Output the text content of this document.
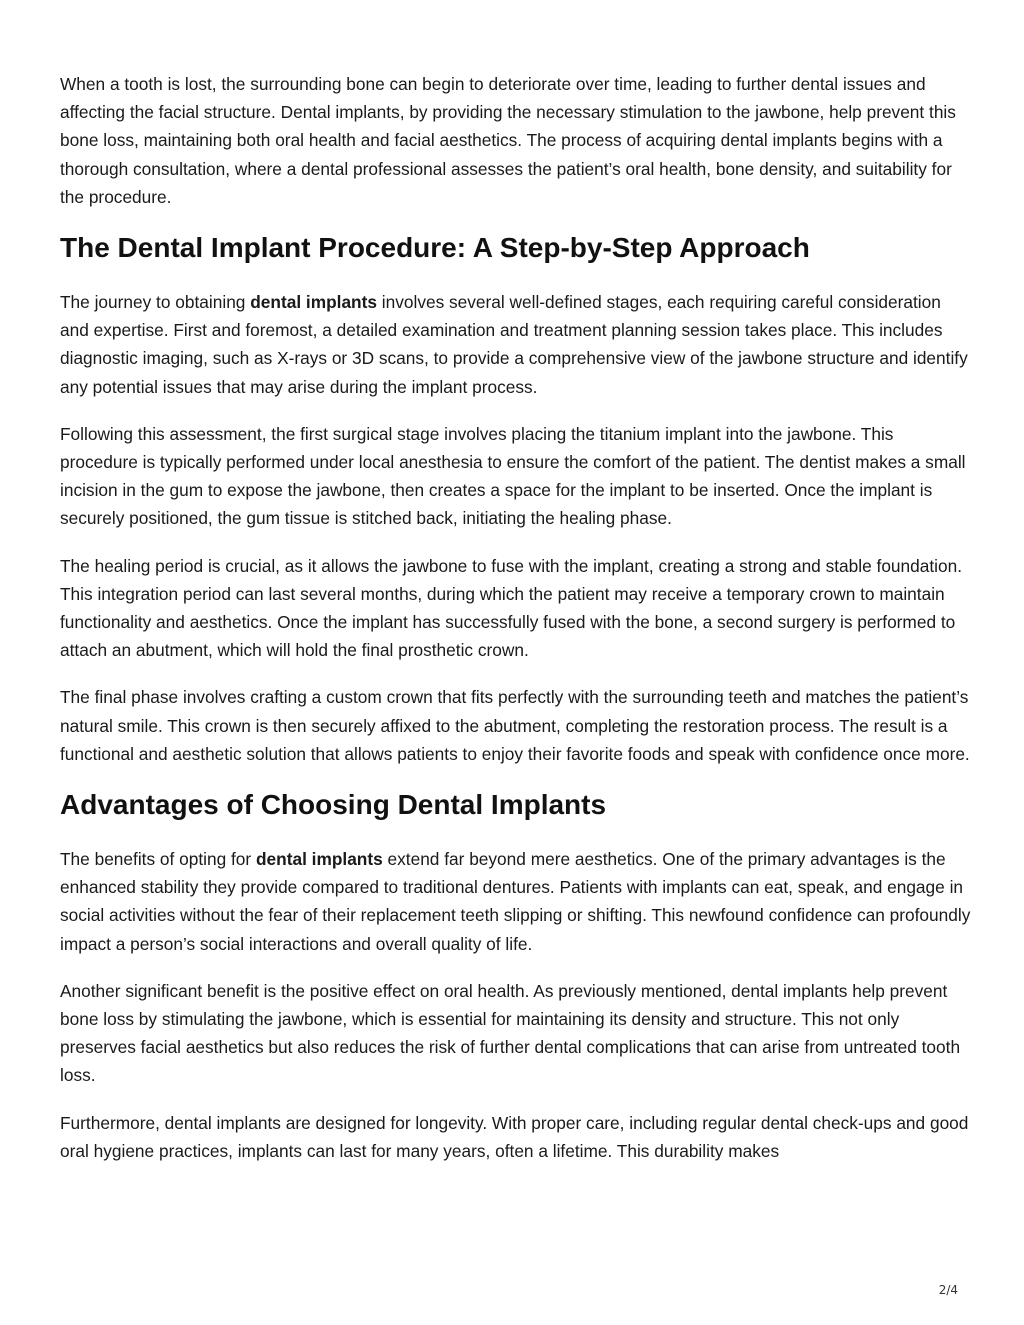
When a tooth is lost, the surrounding bone can begin to deteriorate over time, leading to further dental issues and affecting the facial structure. Dental implants, by providing the necessary stimulation to the jawbone, help prevent this bone loss, maintaining both oral health and facial aesthetics. The process of acquiring dental implants begins with a thorough consultation, where a dental professional assesses the patient’s oral health, bone density, and suitability for the procedure.

The Dental Implant Procedure: A Step-by-Step Approach

The journey to obtaining dental implants involves several well-defined stages, each requiring careful consideration and expertise. First and foremost, a detailed examination and treatment planning session takes place. This includes diagnostic imaging, such as X-rays or 3D scans, to provide a comprehensive view of the jawbone structure and identify any potential issues that may arise during the implant process.

Following this assessment, the first surgical stage involves placing the titanium implant into the jawbone. This procedure is typically performed under local anesthesia to ensure the comfort of the patient. The dentist makes a small incision in the gum to expose the jawbone, then creates a space for the implant to be inserted. Once the implant is securely positioned, the gum tissue is stitched back, initiating the healing phase.

The healing period is crucial, as it allows the jawbone to fuse with the implant, creating a strong and stable foundation. This integration period can last several months, during which the patient may receive a temporary crown to maintain functionality and aesthetics. Once the implant has successfully fused with the bone, a second surgery is performed to attach an abutment, which will hold the final prosthetic crown.

The final phase involves crafting a custom crown that fits perfectly with the surrounding teeth and matches the patient’s natural smile. This crown is then securely affixed to the abutment, completing the restoration process. The result is a functional and aesthetic solution that allows patients to enjoy their favorite foods and speak with confidence once more.

Advantages of Choosing Dental Implants

The benefits of opting for dental implants extend far beyond mere aesthetics. One of the primary advantages is the enhanced stability they provide compared to traditional dentures. Patients with implants can eat, speak, and engage in social activities without the fear of their replacement teeth slipping or shifting. This newfound confidence can profoundly impact a person’s social interactions and overall quality of life.

Another significant benefit is the positive effect on oral health. As previously mentioned, dental implants help prevent bone loss by stimulating the jawbone, which is essential for maintaining its density and structure. This not only preserves facial aesthetics but also reduces the risk of further dental complications that can arise from untreated tooth loss.

Furthermore, dental implants are designed for longevity. With proper care, including regular dental check-ups and good oral hygiene practices, implants can last for many years, often a lifetime. This durability makes

2/4
